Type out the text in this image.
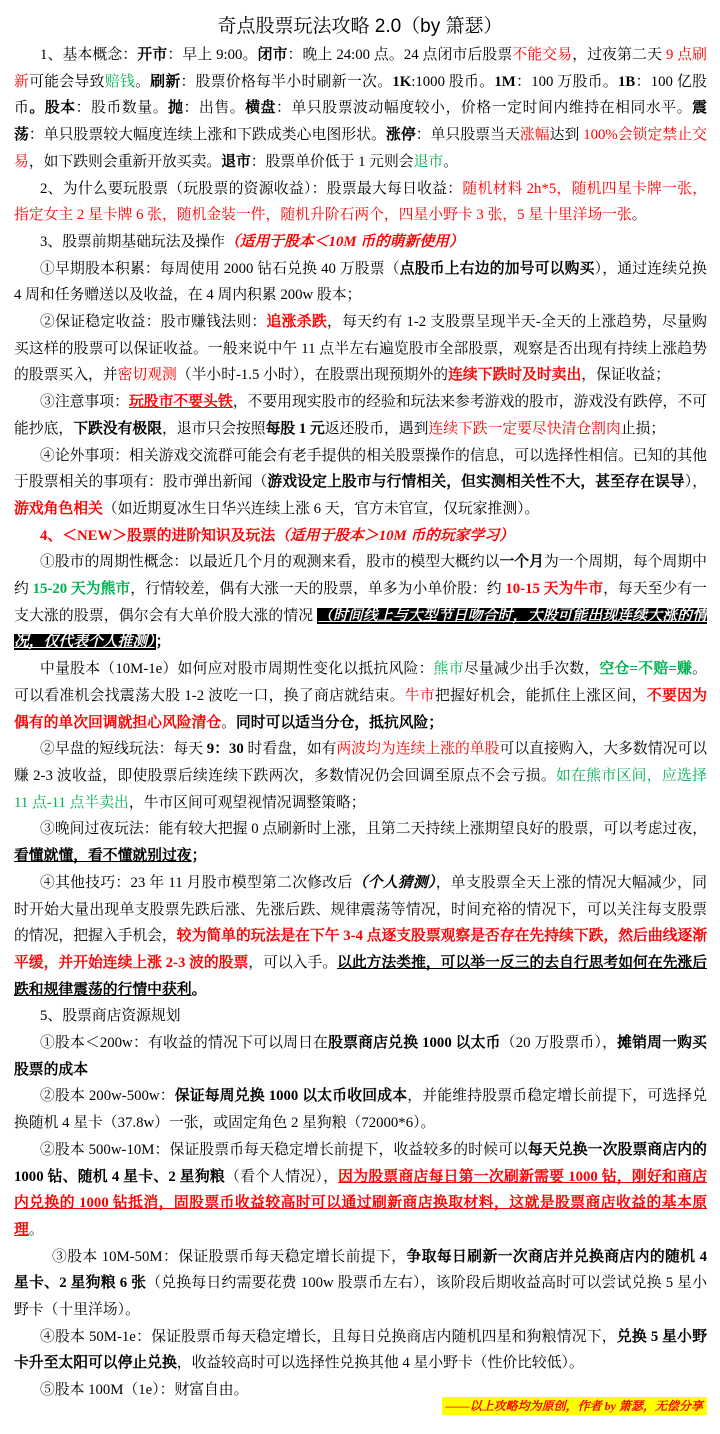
奇点股票玩法攻略 2.0（by 箫瑟）

1、基本概念：开市：早上 9:00。闭市：晚上 24:00 点。24 点闭市后股票不能交易，过夜第二天 9 点刷新可能会导致赔钱。刷新：股票价格每半小时刷新一次。1K:1000 股币。1M：100 万股币。1B：100 亿股币。股本：股币数量。抛：出售。横盘：单只股票波动幅度较小，价格一定时间内维持在相同水平。震荡：单只股票较大幅度连续上涨和下跌成类心电图形状。涨停：单只股票当天涨幅达到 100%会锁定禁止交易，如下跌则会重新开放买卖。退市：股票单价低于 1 元则会退市。

2、为什么要玩股票（玩股票的资源收益）：股票最大每日收益：随机材料 2h*5，随机四星卡牌一张，指定女主 2 星卡牌 6 张，随机金装一件，随机升阶石两个，四星小野卡 3 张，5 星十里洋场一张。

3、股票前期基础玩法及操作（适用于股本＜10M 币的萌新使用）

①早期股本积累：每周使用 2000 钻石兑换 40 万股票（点股币上右边的加号可以购买），通过连续兑换 4 周和任务赠送以及收益，在 4 周内积累 200w 股本；

②保证稳定收益：股市赚钱法则：追涨杀跌，每天约有 1-2 支股票呈现半天-全天的上涨趋势，尽量购买这样的股票可以保证收益。一般来说中午 11 点半左右遍览股市全部股票，观察是否出现有持续上涨趋势的股票买入，并密切观测（半小时-1.5 小时），在股票出现预期外的连续下跌时及时卖出，保证收益；

③注意事项：玩股市不要头铁，不要用现实股市的经验和玩法来参考游戏的股市，游戏没有跌停，不可能抄底，下跌没有极限，退市只会按照每股 1 元返还股币，遇到连续下跌一定要尽快清仓割肉止损；

④论外事项：相关游戏交流群可能会有老手提供的相关股票操作的信息，可以选择性相信。已知的其他于股票相关的事项有：股市弹出新闻（游戏设定上股市与行情相关，但实测相关性不大，甚至存在误导），游戏角色相关（如近期夏冰生日华兴连续上涨 6 天，官方未官宣，仅玩家推测）。

4、＜NEW＞股票的进阶知识及玩法（适用于股本＞10M 币的玩家学习）

①股市的周期性概念：以最近几个月的观测来看，股市的模型大概约以一个月为一个周期，每个周期中约 15-20 天为熊市，行情较差，偶有大涨一天的股票，单多为小单价股：约 10-15 天为牛市，每天至少有一支大涨的股票，偶尔会有大单价股大涨的情况 （时间线上与大型节日吻合时，大股可能出现连续大涨的情况，仅代表个人推测）；

中量股本（10M-1e）如何应对股市周期性变化以抵抗风险：熊市尽量减少出手次数，空仓=不赔=赚。可以看准机会找震荡大股 1-2 波吃一口，换了商店就结束。牛市把握好机会，能抓住上涨区间，不要因为偶有的单次回调就担心风险清仓。同时可以适当分仓，抵抗风险；

②早盘的短线玩法：每天 9：30 时看盘，如有两波均为连续上涨的单股可以直接购入，大多数情况可以赚 2-3 波收益，即使股票后续连续下跌两次，多数情况仍会回调至原点不会亏损。如在熊市区间，应选择 11 点-11 点半卖出，牛市区间可观望视情况调整策略；

③晚间过夜玩法：能有较大把握 0 点刷新时上涨，且第二天持续上涨期望良好的股票，可以考虑过夜，看懂就懂，看不懂就别过夜；

④其他技巧：23 年 11 月股市模型第二次修改后（个人猜测），单支股票全天上涨的情况大幅减少，同时开始大量出现单支股票先跌后涨、先涨后跌、规律震荡等情况，时间充裕的情况下，可以关注每支股票的情况，把握入手机会，较为简单的玩法是在下午 3-4 点逐支股票观察是否存在先持续下跌，然后曲线逐渐平缓，并开始连续上涨 2-3 波的股票，可以入手。以此方法类推，可以举一反三的去自行思考如何在先涨后跌和规律震荡的行情中获利。

5、股票商店资源规划

①股本＜200w：有收益的情况下可以周日在股票商店兑换 1000 以太币（20 万股票币），摊销周一购买股票的成本

②股本 200w-500w：保证每周兑换 1000 以太币收回成本，并能维持股票币稳定增长前提下，可选择兑换随机 4 星卡（37.8w）一张，或固定角色 2 星狗粮（72000*6）。

②股本 500w-10M：保证股票币每天稳定增长前提下，收益较多的时候可以每天兑换一次股票商店内的 1000 钻、随机 4 星卡、2 星狗粮（看个人情况），因为股票商店每日第一次刷新需要 1000 钻，刚好和商店内兑换的 1000 钻抵消，固股票币收益较高时可以通过刷新商店换取材料，这就是股票商店收益的基本原理。

③股本 10M-50M：保证股票币每天稳定增长前提下，争取每日刷新一次商店并兑换商店内的随机 4 星卡、2 星狗粮 6 张（兑换每日约需要花费 100w 股票币左右），该阶段后期收益高时可以尝试兑换 5 星小野卡（十里洋场）。

④股本 50M-1e：保证股票币每天稳定增长，且每日兑换商店内随机四星和狗粮情况下，兑换 5 星小野卡升至太阳可以停止兑换，收益较高时可以选择性兑换其他 4 星小野卡（性价比较低）。

⑤股本 100M（1e）：财富自由。

——以上攻略均为原创，作者 by 箫瑟，无偿分享
